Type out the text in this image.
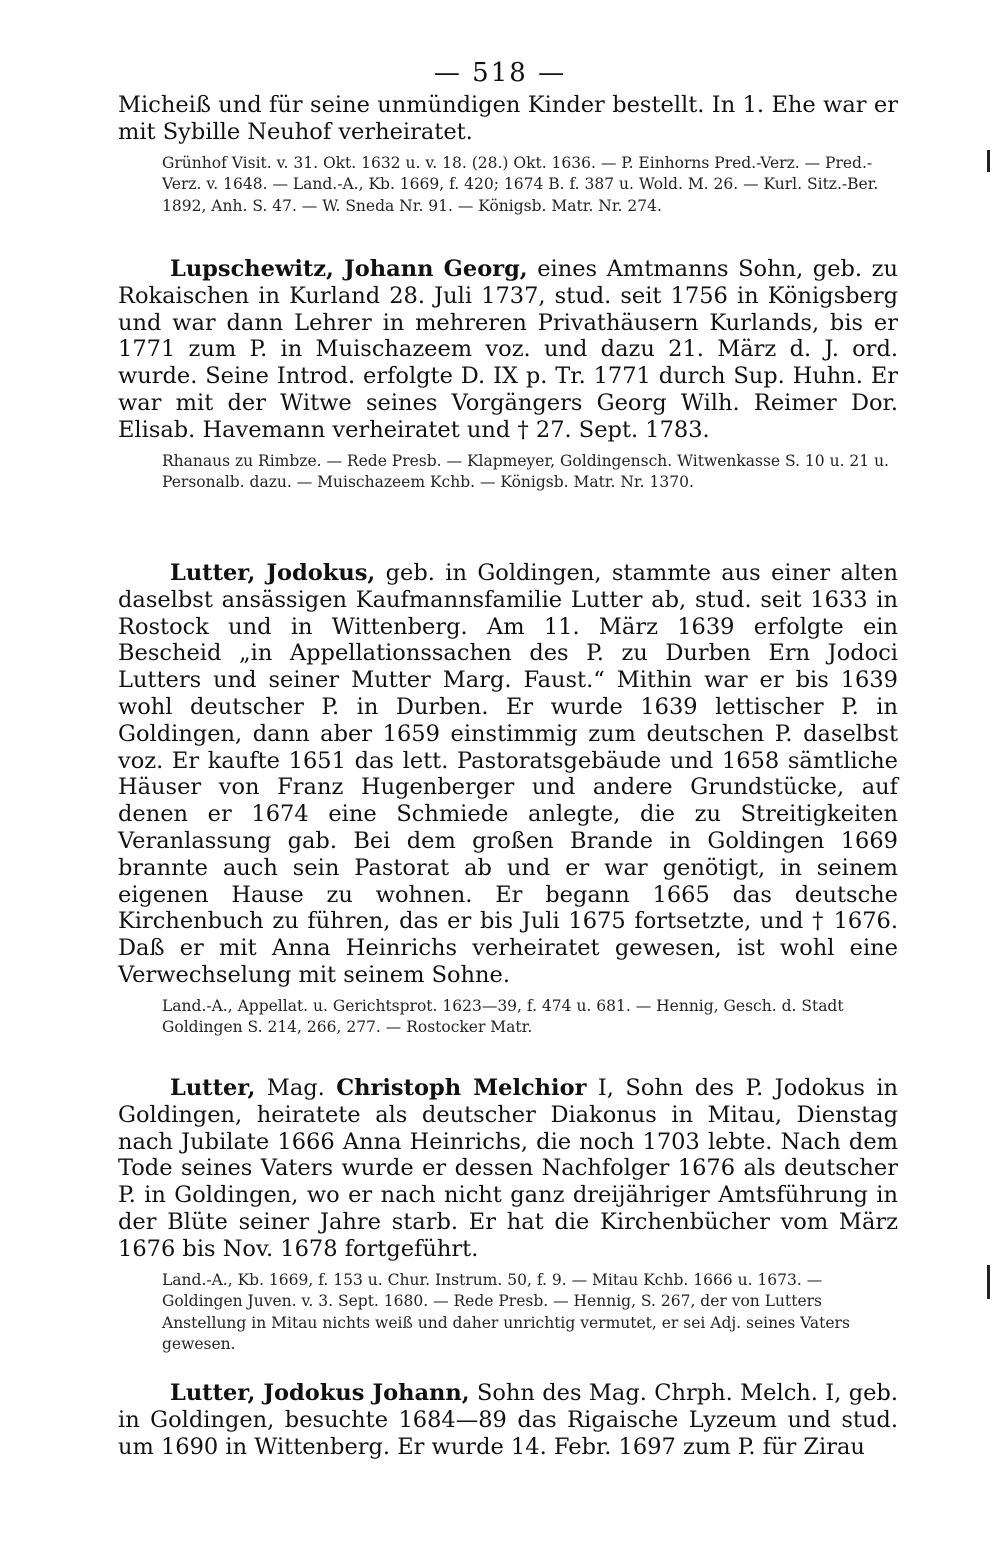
— 518 —

Micheiß und für seine unmündigen Kinder bestellt. In 1. Ehe war er mit Sybille Neuhof verheiratet.

Grünhof Visit. v. 31. Okt. 1632 u. v. 18. (28.) Okt. 1636. — P. Einhorns Pred.-Verz. — Pred.-Verz. v. 1648. — Land.-A., Kb. 1669, f. 420; 1674 B. f. 387 u. Wold. M. 26. — Kurl. Sitz.-Ber. 1892, Anh. S. 47. — W. Sneda Nr. 91. — Königsb. Matr. Nr. 274.

Lupschewitz, Johann Georg, eines Amtmanns Sohn, geb. zu Rokaischen in Kurland 28. Juli 1737, stud. seit 1756 in Königsberg und war dann Lehrer in mehreren Privathäusern Kurlands, bis er 1771 zum P. in Muischazeem voz. und dazu 21. März d. J. ord. wurde. Seine Introd. erfolgte D. IX p. Tr. 1771 durch Sup. Huhn. Er war mit der Witwe seines Vorgängers Georg Wilh. Reimer Dor. Elisab. Havemann verheiratet und † 27. Sept. 1783.

Rhanaus zu Rimbze. — Rede Presb. — Klapmeyer, Goldingensch. Witwenkasse S. 10 u. 21 u. Personalb. dazu. — Muischazeem Kchb. — Königsb. Matr. Nr. 1370.

Lutter, Jodokus, geb. in Goldingen, stammte aus einer alten daselbst ansässigen Kaufmannsfamilie Lutter ab, stud. seit 1633 in Rostock und in Wittenberg. Am 11. März 1639 erfolgte ein Bescheid „in Appellationssachen des P. zu Durben Ern Jodoci Lutters und seiner Mutter Marg. Faust.“ Mithin war er bis 1639 wohl deutscher P. in Durben. Er wurde 1639 lettischer P. in Goldingen, dann aber 1659 einstimmig zum deutschen P. daselbst voz. Er kaufte 1651 das lett. Pastoratsgebäude und 1658 sämtliche Häuser von Franz Hugenberger und andere Grundstücke, auf denen er 1674 eine Schmiede anlegte, die zu Streitigkeiten Veranlassung gab. Bei dem großen Brande in Goldingen 1669 brannte auch sein Pastorat ab und er war genötigt, in seinem eigenen Hause zu wohnen. Er begann 1665 das deutsche Kirchenbuch zu führen, das er bis Juli 1675 fortsetzte, und † 1676. Daß er mit Anna Heinrichs verheiratet gewesen, ist wohl eine Verwechselung mit seinem Sohne.

Land.-A., Appellat. u. Gerichtsprot. 1623—39, f. 474 u. 681. — Hennig, Gesch. d. Stadt Goldingen S. 214, 266, 277. — Rostocker Matr.

Lutter, Mag. Christoph Melchior I, Sohn des P. Jodokus in Goldingen, heiratete als deutscher Diakonus in Mitau, Dienstag nach Jubilate 1666 Anna Heinrichs, die noch 1703 lebte. Nach dem Tode seines Vaters wurde er dessen Nachfolger 1676 als deutscher P. in Goldingen, wo er nach nicht ganz dreijähriger Amtsführung in der Blüte seiner Jahre starb. Er hat die Kirchenbücher vom März 1676 bis Nov. 1678 fortgeführt.

Land.-A., Kb. 1669, f. 153 u. Chur. Instrum. 50, f. 9. — Mitau Kchb. 1666 u. 1673. — Goldingen Juven. v. 3. Sept. 1680. — Rede Presb. — Hennig, S. 267, der von Lutters Anstellung in Mitau nichts weiß und daher unrichtig vermutet, er sei Adj. seines Vaters gewesen.

Lutter, Jodokus Johann, Sohn des Mag. Chrph. Melch. I, geb. in Goldingen, besuchte 1684—89 das Rigaische Lyzeum und stud. um 1690 in Wittenberg. Er wurde 14. Febr. 1697 zum P. für Zirau
